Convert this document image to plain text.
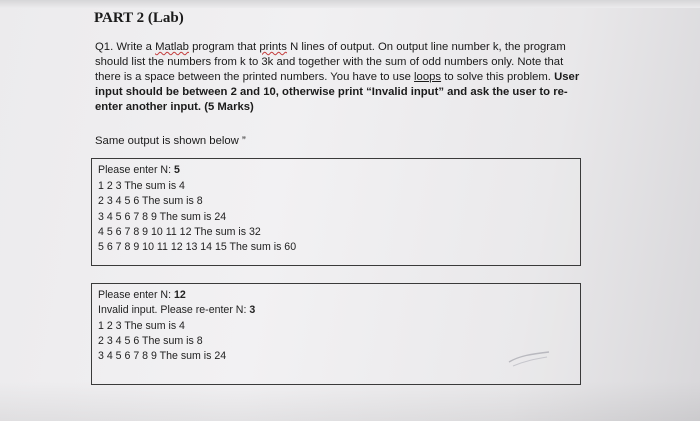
PART 2 (Lab)

Q1. Write a Matlab program that prints N lines of output. On output line number k, the program should list the numbers from k to 3k and together with the sum of odd numbers only. Note that there is a space between the printed numbers. You have to use loops to solve this problem. User input should be between 2 and 10, otherwise print “Invalid input” and ask the user to re-enter another input. (5 Marks)

Same output is shown below ”

Please enter N: 5
1 2 3 The sum is 4
2 3 4 5 6 The sum is 8
3 4 5 6 7 8 9 The sum is 24
4 5 6 7 8 9 10 11 12 The sum is 32
5 6 7 8 9 10 11 12 13 14 15 The sum is 60
Please enter N: 12
Invalid input. Please re-enter N: 3
1 2 3 The sum is 4
2 3 4 5 6 The sum is 8
3 4 5 6 7 8 9 The sum is 24
